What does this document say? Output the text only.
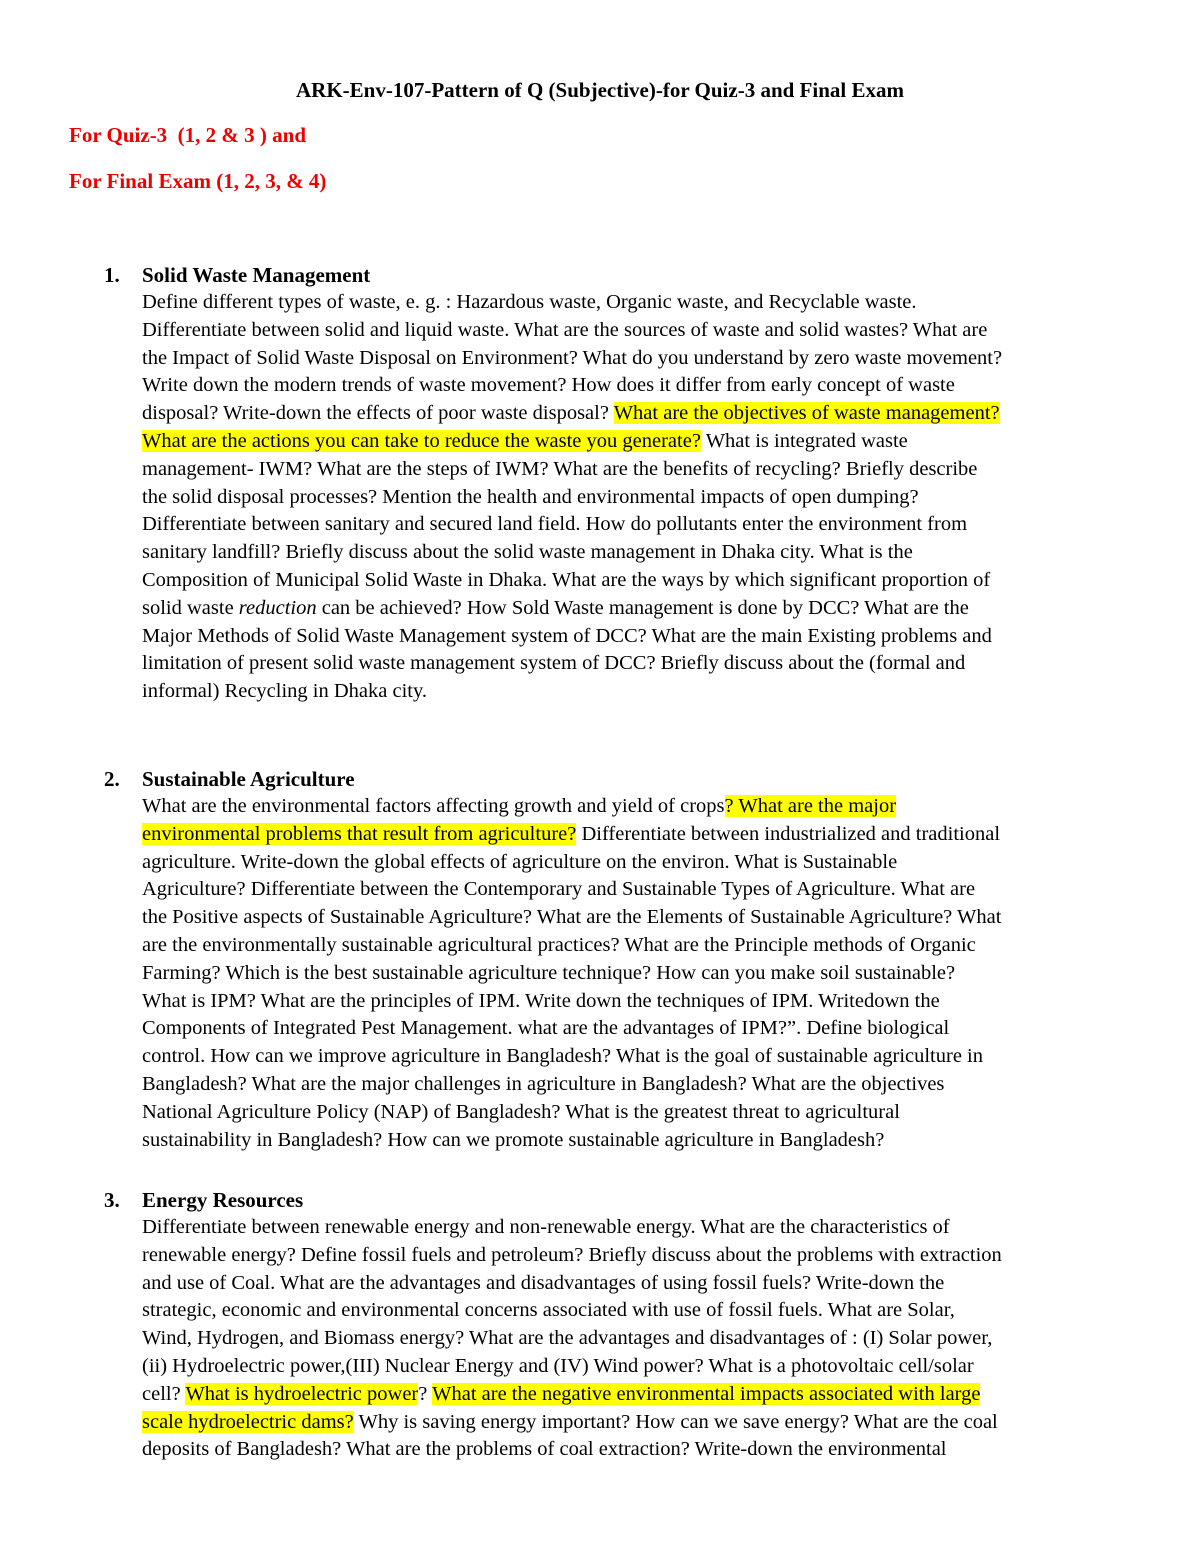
ARK-Env-107-Pattern of Q (Subjective)-for Quiz-3 and Final Exam
For Quiz-3  (1, 2 & 3 ) and
For Final Exam (1, 2, 3, & 4)
1. Solid Waste Management
Define different types of waste, e. g. : Hazardous waste, Organic waste, and Recyclable waste.
Differentiate between solid and liquid waste. What are the sources of waste and solid wastes? What are
the Impact of Solid Waste Disposal on Environment? What do you understand by zero waste movement?
Write down the modern trends of waste movement? How does it differ from early concept of waste
disposal? Write-down the effects of poor waste disposal? What are the objectives of waste management?
What are the actions you can take to reduce the waste you generate? What is integrated waste
management- IWM? What are the steps of IWM? What are the benefits of recycling? Briefly describe
the solid disposal processes? Mention the health and environmental impacts of open dumping?
Differentiate between sanitary and secured land field. How do pollutants enter the environment from
sanitary landfill? Briefly discuss about the solid waste management in Dhaka city. What is the
Composition of Municipal Solid Waste in Dhaka. What are the ways by which significant proportion of
solid waste reduction can be achieved? How Sold Waste management is done by DCC? What are the
Major Methods of Solid Waste Management system of DCC? What are the main Existing problems and
limitation of present solid waste management system of DCC? Briefly discuss about the (formal and
informal) Recycling in Dhaka city.
2. Sustainable Agriculture
What are the environmental factors affecting growth and yield of crops? What are the major
environmental problems that result from agriculture? Differentiate between industrialized and traditional
agriculture. Write-down the global effects of agriculture on the environ. What is Sustainable
Agriculture? Differentiate between the Contemporary and Sustainable Types of Agriculture. What are
the Positive aspects of Sustainable Agriculture? What are the Elements of Sustainable Agriculture? What
are the environmentally sustainable agricultural practices? What are the Principle methods of Organic
Farming? Which is the best sustainable agriculture technique? How can you make soil sustainable?
What is IPM? What are the principles of IPM. Write down the techniques of IPM. Writedown the
Components of Integrated Pest Management. what are the advantages of IPM?”. Define biological
control. How can we improve agriculture in Bangladesh? What is the goal of sustainable agriculture in
Bangladesh? What are the major challenges in agriculture in Bangladesh? What are the objectives
National Agriculture Policy (NAP) of Bangladesh? What is the greatest threat to agricultural
sustainability in Bangladesh? How can we promote sustainable agriculture in Bangladesh?
3. Energy Resources
Differentiate between renewable energy and non-renewable energy. What are the characteristics of
renewable energy? Define fossil fuels and petroleum? Briefly discuss about the problems with extraction
and use of Coal. What are the advantages and disadvantages of using fossil fuels? Write-down the
strategic, economic and environmental concerns associated with use of fossil fuels. What are Solar,
Wind, Hydrogen, and Biomass energy? What are the advantages and disadvantages of : (I) Solar power,
(ii) Hydroelectric power,(III) Nuclear Energy and (IV) Wind power? What is a photovoltaic cell/solar
cell? What is hydroelectric power? What are the negative environmental impacts associated with large
scale hydroelectric dams? Why is saving energy important? How can we save energy? What are the coal
deposits of Bangladesh? What are the problems of coal extraction? Write-down the environmental
